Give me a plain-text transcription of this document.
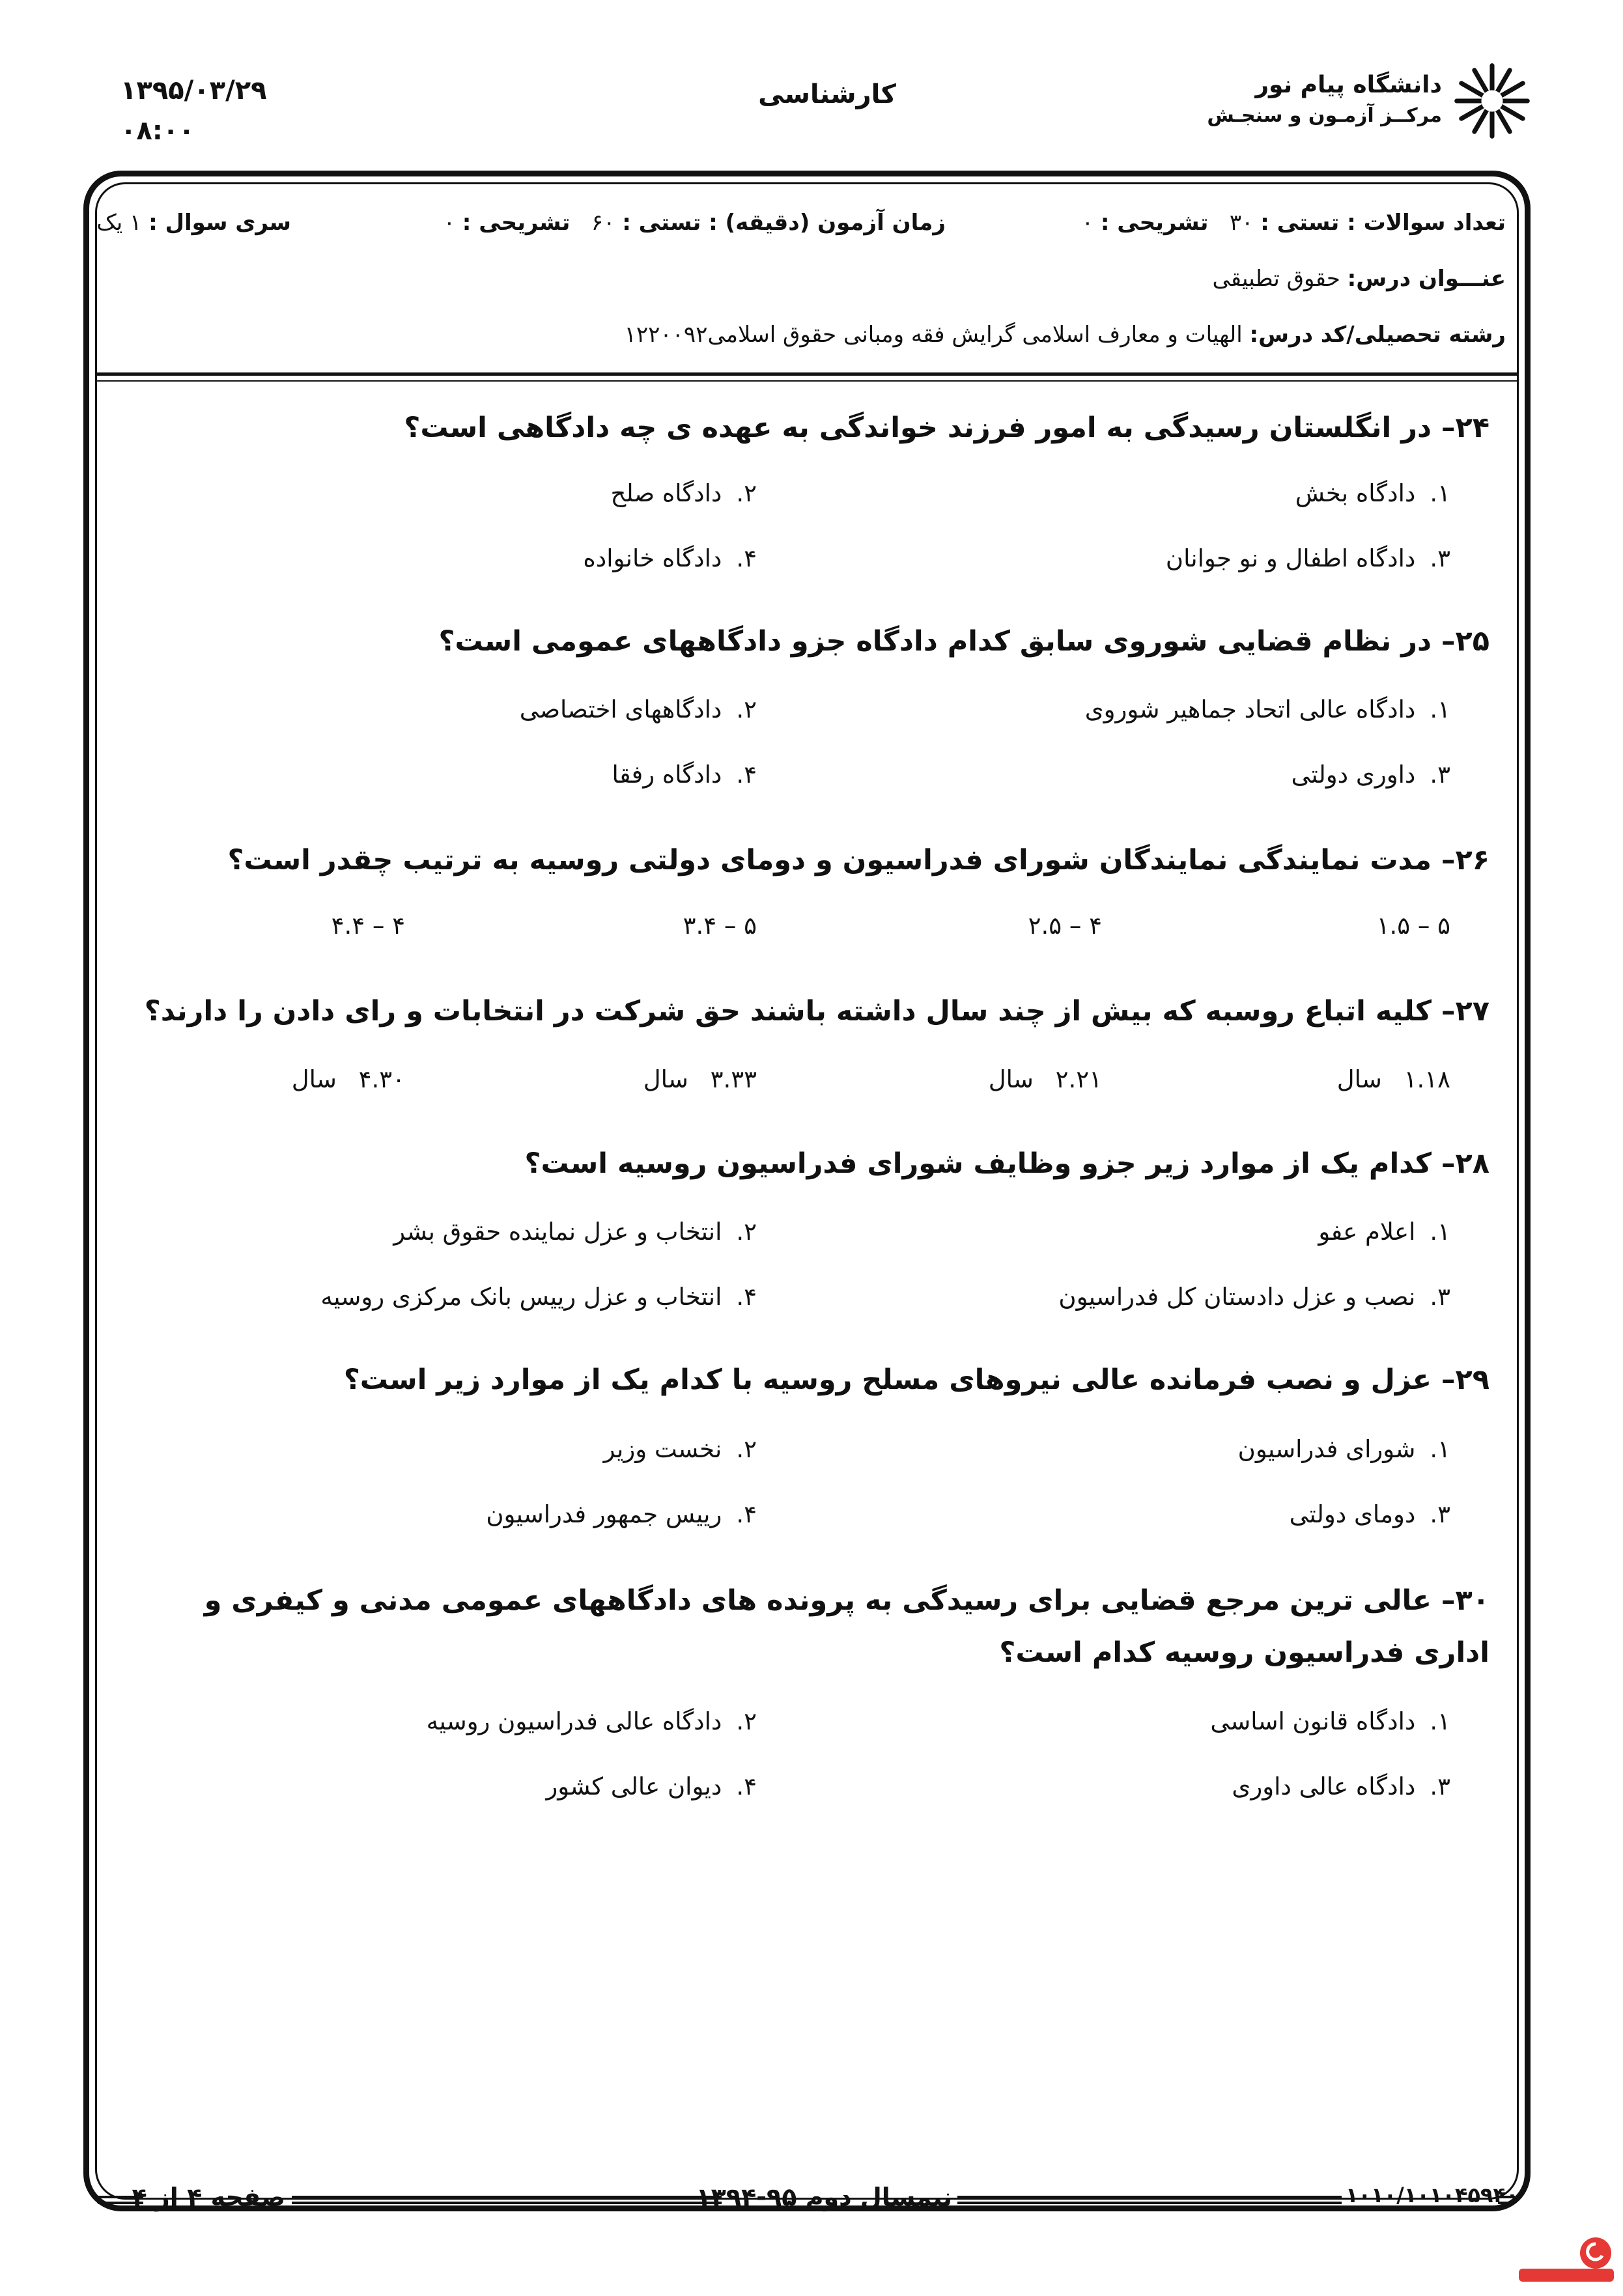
۱۳۹۵/۰۳/۲۹
۰۸:۰۰
کارشناسی	دانشگاه پیام نور
مرکــز آزمـون و سنجـش
تعداد سوالات : تستی : ۳۰   تشریحی : ۰
زمان آزمون (دقیقه) : تستی : ۶۰   تشریحی : ۰
سری سوال : ۱ یک
عنـــوان درس: حقوق تطبیقی
رشته تحصیلی/کد درس: الهیات و معارف اسلامی گرایش فقه ومبانی حقوق اسلامی۱۲۲۰۰۹۲
۲۴– در انگلستان رسیدگی به امور فرزند خواندگی به عهده ی چه دادگاهی است؟
۱.دادگاه بخش
۲.دادگاه صلح
۳.دادگاه اطفال و نو جوانان
۴.دادگاه خانواده
۲۵– در نظام قضایی شوروی سابق کدام دادگاه جزو دادگاههای عمومی است؟
۱.دادگاه عالی اتحاد جماهیر شوروی
۲.دادگاههای اختصاصی
۳.داوری دولتی
۴.دادگاه رفقا
۲۶– مدت نمایندگی نمایندگان شورای فدراسیون و دومای دولتی روسیه به ترتیب چقدر است؟
۱.۵ – ۵
۲.۵ – ۴
۳.۴ – ۵
۴.۴ – ۴
۲۷– کلیه اتباع روسبه که بیش از چند سال داشته باشند حق شرکت در انتخابات و رای دادن را دارند؟
۱.۱۸ سال
۲.۲۱ سال
۳.۳۳ سال
۴.۳۰ سال
۲۸– کدام یک از موارد زیر جزو وظایف شورای فدراسیون روسیه است؟
۱.اعلام عفو
۲.انتخاب و عزل نماینده حقوق بشر
۳.نصب و عزل دادستان کل فدراسیون
۴.انتخاب و عزل رییس بانک مرکزی روسیه
۲۹– عزل و نصب فرمانده عالی نیروهای مسلح روسیه با کدام یک از موارد زیر است؟
۱.شورای فدراسیون
۲.نخست وزیر
۳.دومای دولتی
۴.رییس جمهور فدراسیون
۳۰– عالی ترین مرجع قضایی برای رسیدگی به پرونده های دادگاههای عمومی مدنی و کیفری و اداری فدراسیون روسیه کدام است؟
۱.دادگاه قانون اساسی
۲.دادگاه عالی فدراسیون روسیه
۳.دادگاه عالی داوری
۴.دیوان عالی کشور
صفحه ۴ از ۴	نیمسال دوم ۹۵-۱۳۹۴	۱۰۱۰/۱۰۱۰۴۵۹۴۰
